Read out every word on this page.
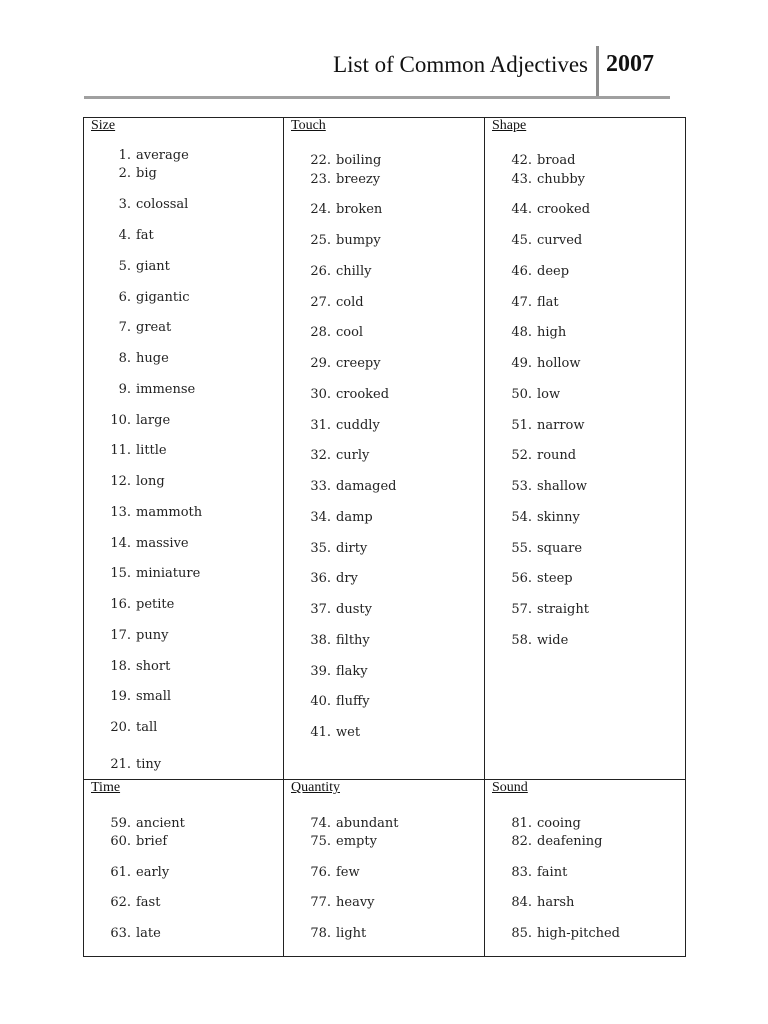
List of Common Adjectives 2007
Size
1. average
2. big
3. colossal
4. fat
5. giant
6. gigantic
7. great
8. huge
9. immense
10. large
11. little
12. long
13. mammoth
14. massive
15. miniature
16. petite
17. puny
18. short
19. small
20. tall
21. tiny
Touch
22. boiling
23. breezy
24. broken
25. bumpy
26. chilly
27. cold
28. cool
29. creepy
30. crooked
31. cuddly
32. curly
33. damaged
34. damp
35. dirty
36. dry
37. dusty
38. filthy
39. flaky
40. fluffy
41. wet
Shape
42. broad
43. chubby
44. crooked
45. curved
46. deep
47. flat
48. high
49. hollow
50. low
51. narrow
52. round
53. shallow
54. skinny
55. square
56. steep
57. straight
58. wide
Time
59. ancient
60. brief
61. early
62. fast
63. late
Quantity
74. abundant
75. empty
76. few
77. heavy
78. light
Sound
81. cooing
82. deafening
83. faint
84. harsh
85. high-pitched
